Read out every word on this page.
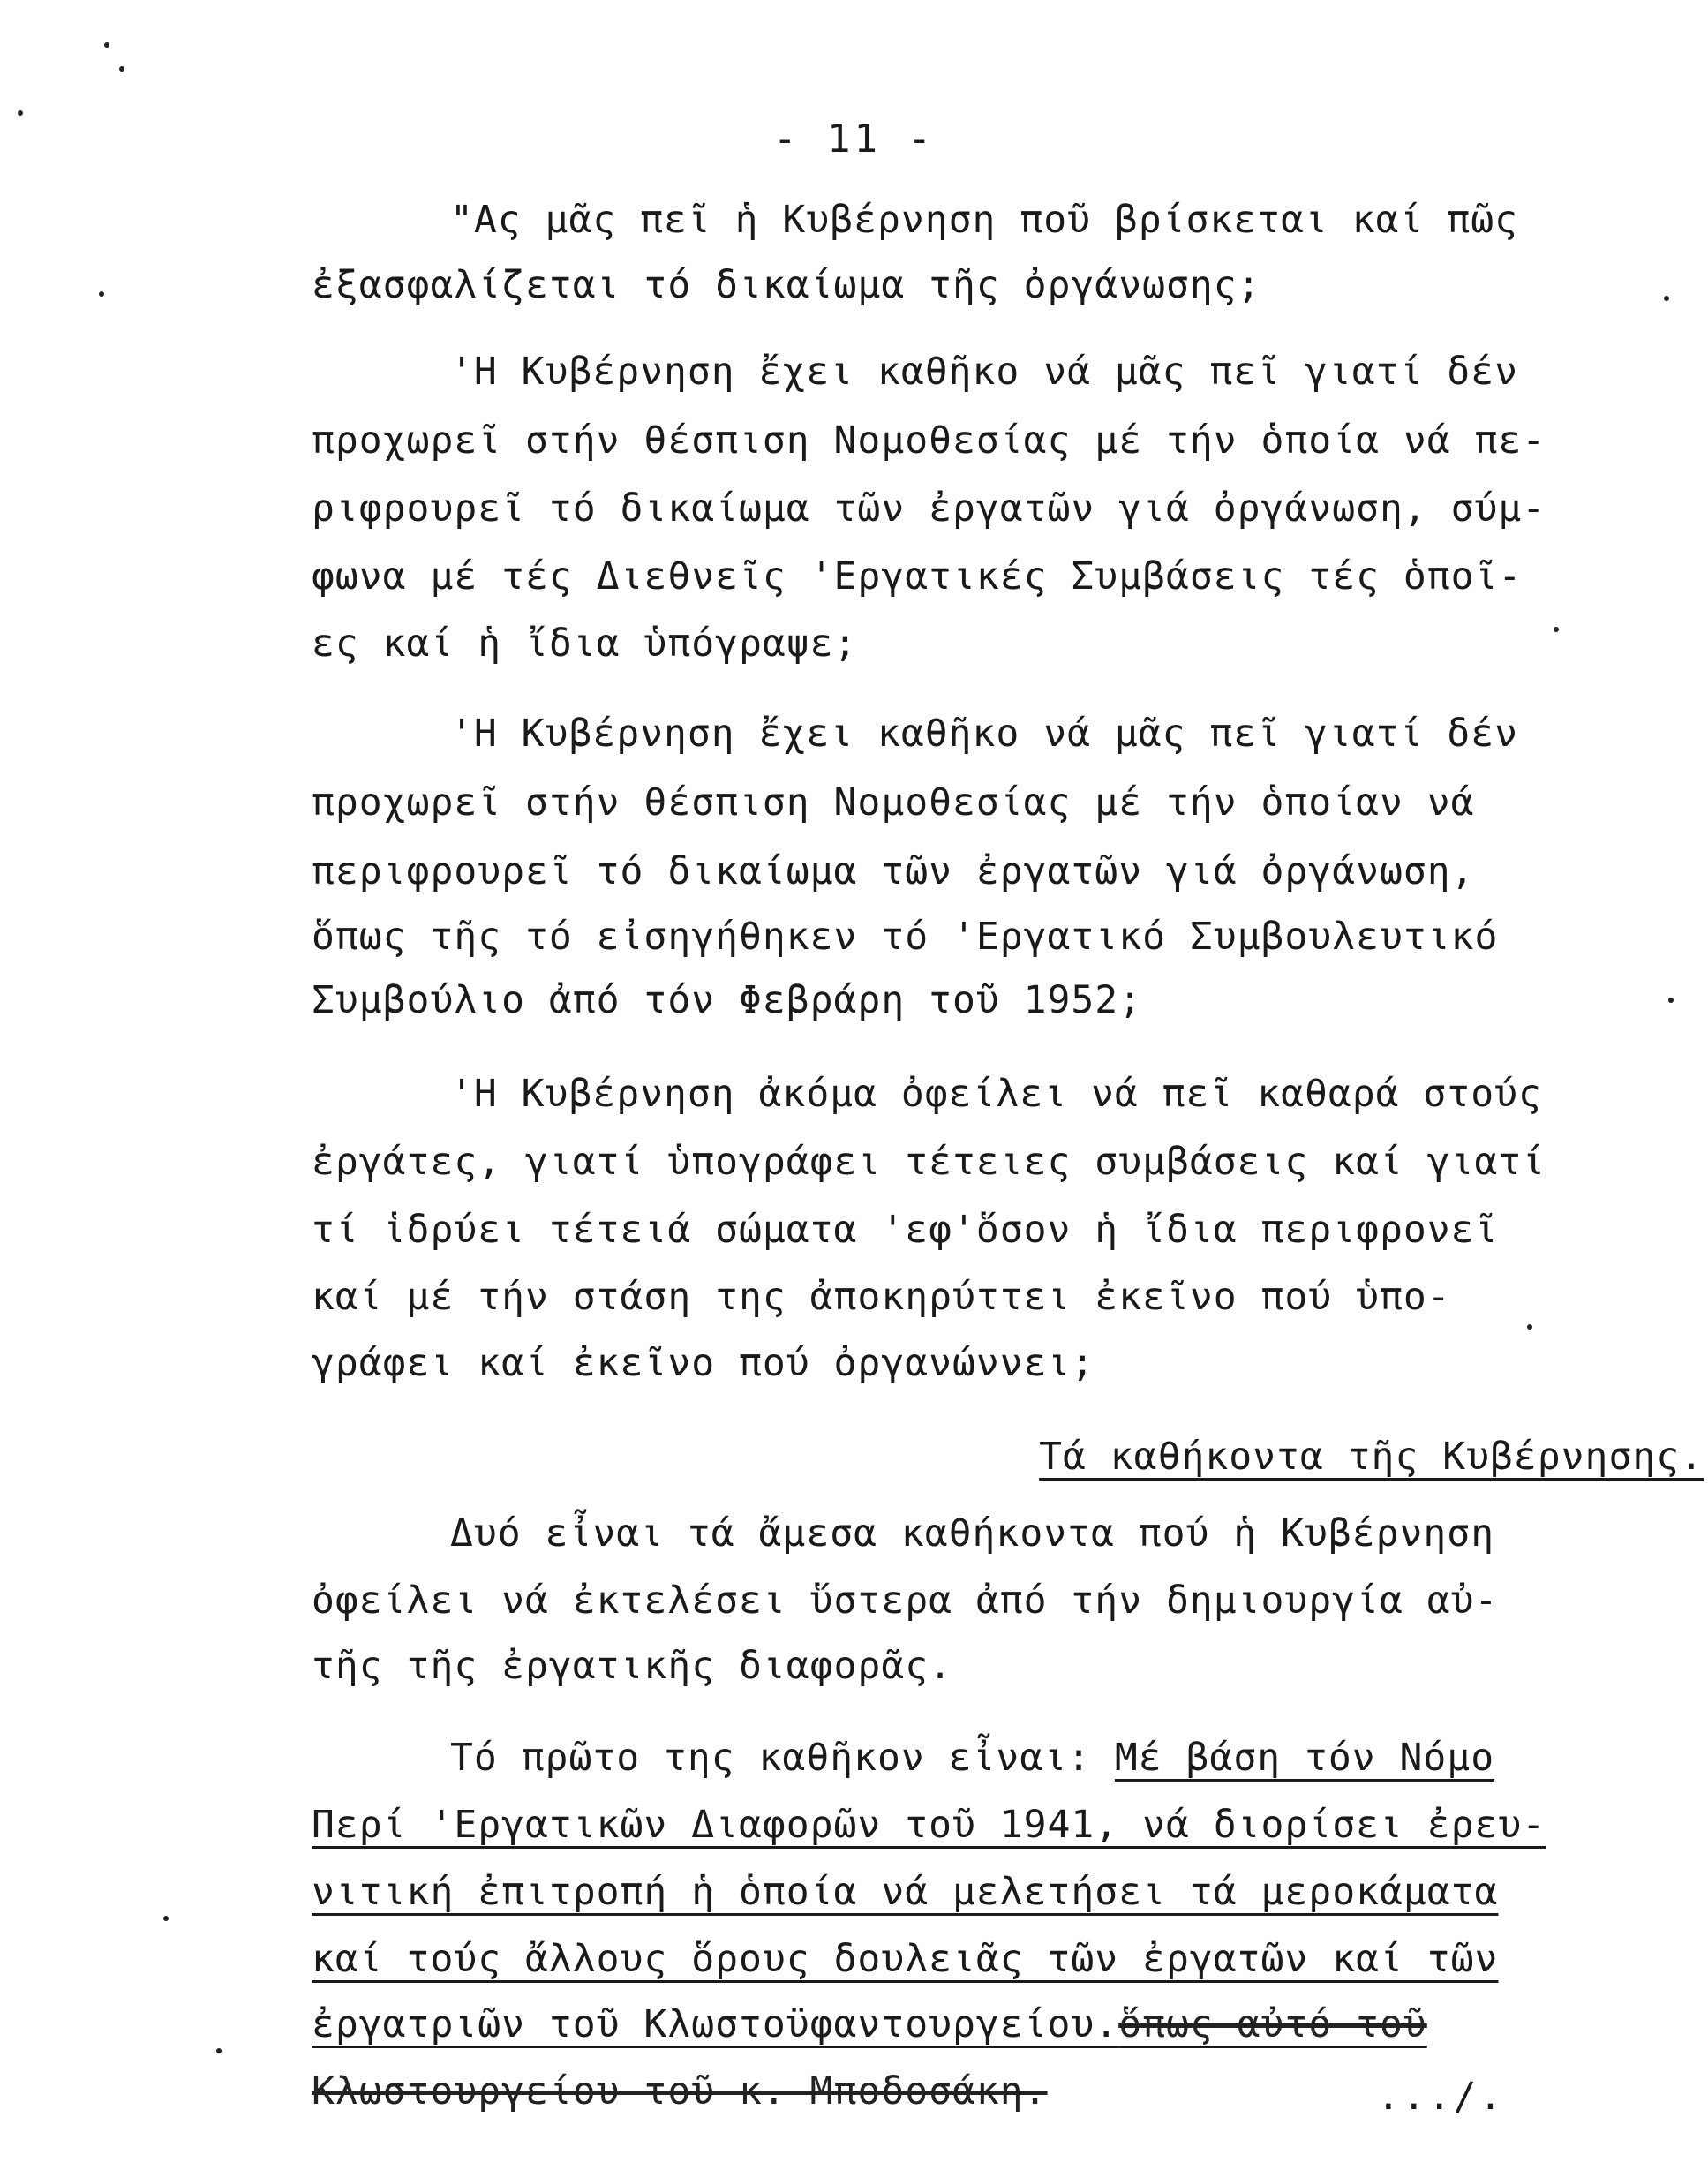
- 11 -
"Ας μᾶς πεῖ ἡ Κυβέρνηση ποῦ βρίσκεται καί πῶς
ἐξασφαλίζεται τό δικαίωμα τῆς ὀργάνωσης;
'Η Κυβέρνηση ἔχει καθῆκο νά μᾶς πεῖ γιατί δέν
προχωρεῖ στήν θέσπιση Νομοθεσίας μέ τήν ὁποία νά πε-
ριφρουρεῖ τό δικαίωμα τῶν ἐργατῶν γιά ὀργάνωση, σύμ-
φωνα μέ τές Διεθνεῖς 'Εργατικές Συμβάσεις τές ὁποῖ-
ες καί ἡ ἴδια ὑπόγραψε;
'Η Κυβέρνηση ἔχει καθῆκο νά μᾶς πεῖ γιατί δέν
προχωρεῖ στήν θέσπιση Νομοθεσίας μέ τήν ὁποίαν νά
περιφρουρεῖ τό δικαίωμα τῶν ἐργατῶν γιά ὀργάνωση,
ὅπως τῆς τό εἰσηγήθηκεν τό 'Εργατικό Συμβουλευτικό
Συμβούλιο ἀπό τόν Φεβράρη τοῦ 1952;
'Η Κυβέρνηση ἀκόμα ὀφείλει νά πεῖ καθαρά στούς
ἐργάτες, γιατί ὑπογράφει τέτειες συμβάσεις καί γιατί
τί ἱδρύει τέτειά σώματα 'εφ'ὅσον ἡ ἴδια περιφρονεῖ
καί μέ τήν στάση της ἀποκηρύττει ἐκεῖνο πού ὑπο-
γράφει καί ἐκεῖνο πού ὀργανώννει;
Τά καθήκοντα τῆς Κυβέρνησης.
Δυό εἶναι τά ἄμεσα καθήκοντα πού ἡ Κυβέρνηση
ὀφείλει νά ἐκτελέσει ὕστερα ἀπό τήν δημιουργία αὐ-
τῆς τῆς ἐργατικῆς διαφορᾶς.
Τό πρῶτο της καθῆκον εἶναι: Μέ βάση τόν Νόμο
Περί 'Εργατικῶν Διαφορῶν τοῦ 1941, νά διορίσει ἐρευ-
νιτική ἐπιτροπή ἡ ὁποία νά μελετήσει τά μεροκάματα
καί τούς ἄλλους ὅρους δουλειᾶς τῶν ἐργατῶν καί τῶν
ἐργατριῶν τοῦ Κλωστοϋφαντουργείου.ὅπως αὐτό τοῦ
Κλωστουργείου τοῦ κ. Μποδοσάκη.	.../.
